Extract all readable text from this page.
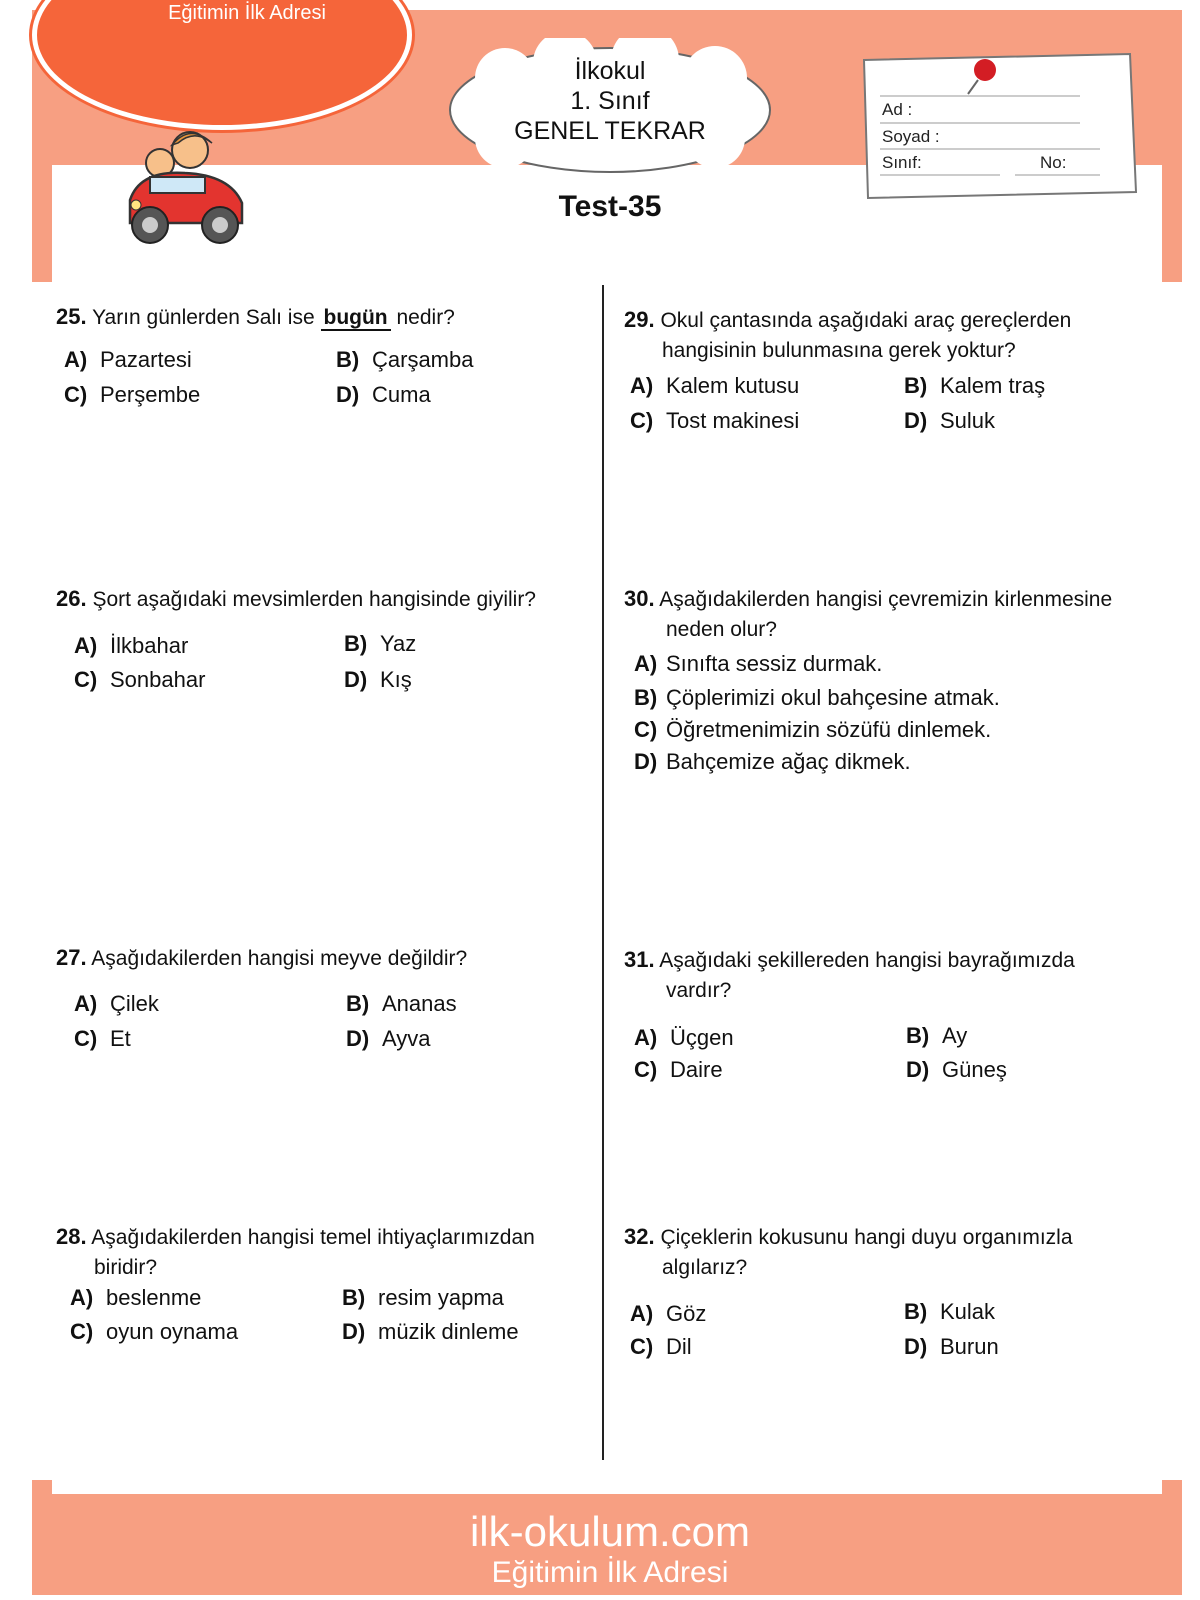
Eğitimin İlk Adresi
İlkokul
1. Sınıf
GENEL TEKRAR
Test-35
Ad :
Soyad :
Sınıf:	No:
25. Yarın günlerden Salı ise bugün nedir?
A) Pazartesi	B) Çarşamba
C) Perşembe	D) Cuma
26. Şort aşağıdaki mevsimlerden hangisinde giyilir?
A) İlkbahar	B) Yaz
C) Sonbahar	D) Kış
27. Aşağıdakilerden hangisi meyve değildir?
A) Çilek	B) Ananas
C) Et	D) Ayva
28. Aşağıdakilerden hangisi temel ihtiyaçlarımızdan
biridir?
A) beslenme	B) resim yapma
C) oyun oynama	D) müzik dinleme
29. Okul çantasında aşağıdaki araç gereçlerden
hangisinin bulunmasına gerek yoktur?
A) Kalem kutusu	B) Kalem traş
C) Tost makinesi	D) Suluk
30. Aşağıdakilerden hangisi çevremizin kirlenmesine
neden olur?
A) Sınıfta sessiz durmak.
B) Çöplerimizi okul bahçesine atmak.
C) Öğretmenimizin sözüfü dinlemek.
D) Bahçemize ağaç dikmek.
31. Aşağıdaki şekillereden hangisi bayrağımızda
vardır?
A) Üçgen	B) Ay
C) Daire	D) Güneş
32. Çiçeklerin kokusunu hangi duyu organımızla
algılarız?
A) Göz	B) Kulak
C) Dil	D) Burun
ilk-okulum.com
Eğitimin İlk Adresi
